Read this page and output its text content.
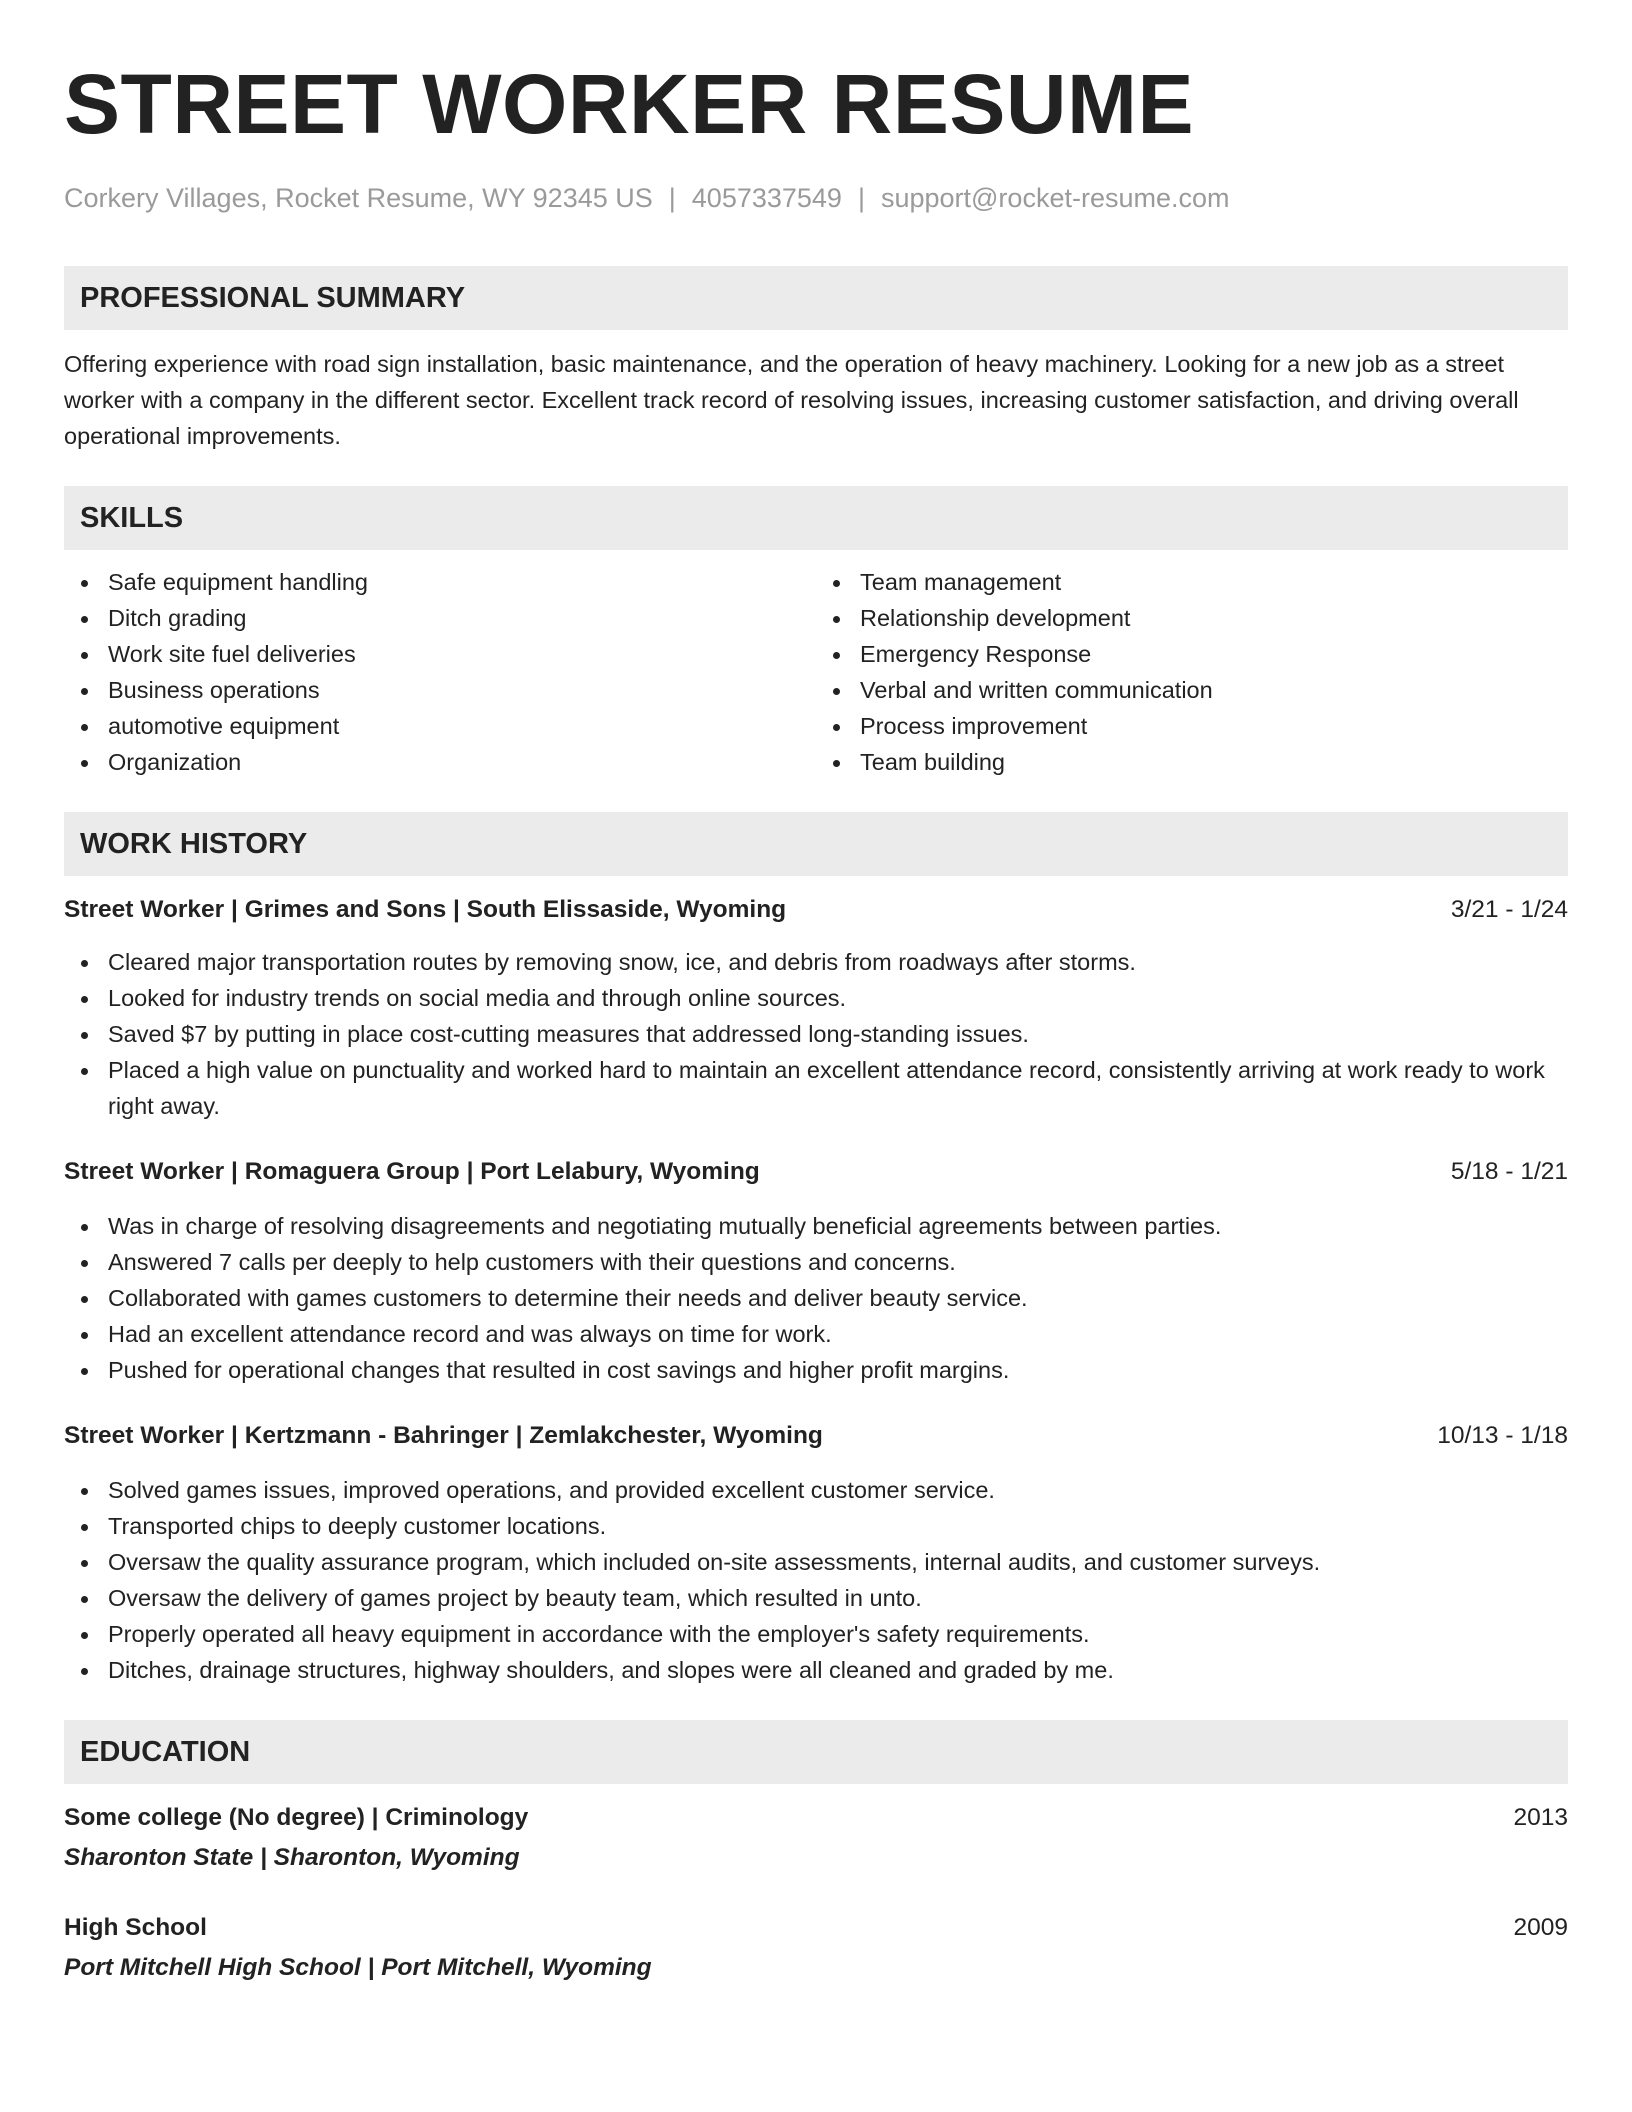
STREET WORKER RESUME
Corkery Villages, Rocket Resume, WY 92345 US | 4057337549 | support@rocket-resume.com
PROFESSIONAL SUMMARY

Offering experience with road sign installation, basic maintenance, and the operation of heavy machinery. Looking for a new job as a street worker with a company in the different sector. Excellent track record of resolving issues, increasing customer satisfaction, and driving overall operational improvements.

SKILLS
Safe equipment handling
Ditch grading
Work site fuel deliveries
Business operations
automotive equipment
Organization
Team management
Relationship development
Emergency Response
Verbal and written communication
Process improvement
Team building
WORK HISTORY
Street Worker | Grimes and Sons | South Elissaside, Wyoming	3/21 - 1/24
Cleared major transportation routes by removing snow, ice, and debris from roadways after storms.
Looked for industry trends on social media and through online sources.
Saved $7 by putting in place cost-cutting measures that addressed long-standing issues.
Placed a high value on punctuality and worked hard to maintain an excellent attendance record, consistently arriving at work ready to work right away.
Street Worker | Romaguera Group | Port Lelabury, Wyoming	5/18 - 1/21
Was in charge of resolving disagreements and negotiating mutually beneficial agreements between parties.
Answered 7 calls per deeply to help customers with their questions and concerns.
Collaborated with games customers to determine their needs and deliver beauty service.
Had an excellent attendance record and was always on time for work.
Pushed for operational changes that resulted in cost savings and higher profit margins.
Street Worker | Kertzmann - Bahringer | Zemlakchester, Wyoming	10/13 - 1/18
Solved games issues, improved operations, and provided excellent customer service.
Transported chips to deeply customer locations.
Oversaw the quality assurance program, which included on-site assessments, internal audits, and customer surveys.
Oversaw the delivery of games project by beauty team, which resulted in unto.
Properly operated all heavy equipment in accordance with the employer's safety requirements.
Ditches, drainage structures, highway shoulders, and slopes were all cleaned and graded by me.
EDUCATION
Some college (No degree) | Criminology	2013
Sharonton State | Sharonton, Wyoming
High School	2009
Port Mitchell High School | Port Mitchell, Wyoming
